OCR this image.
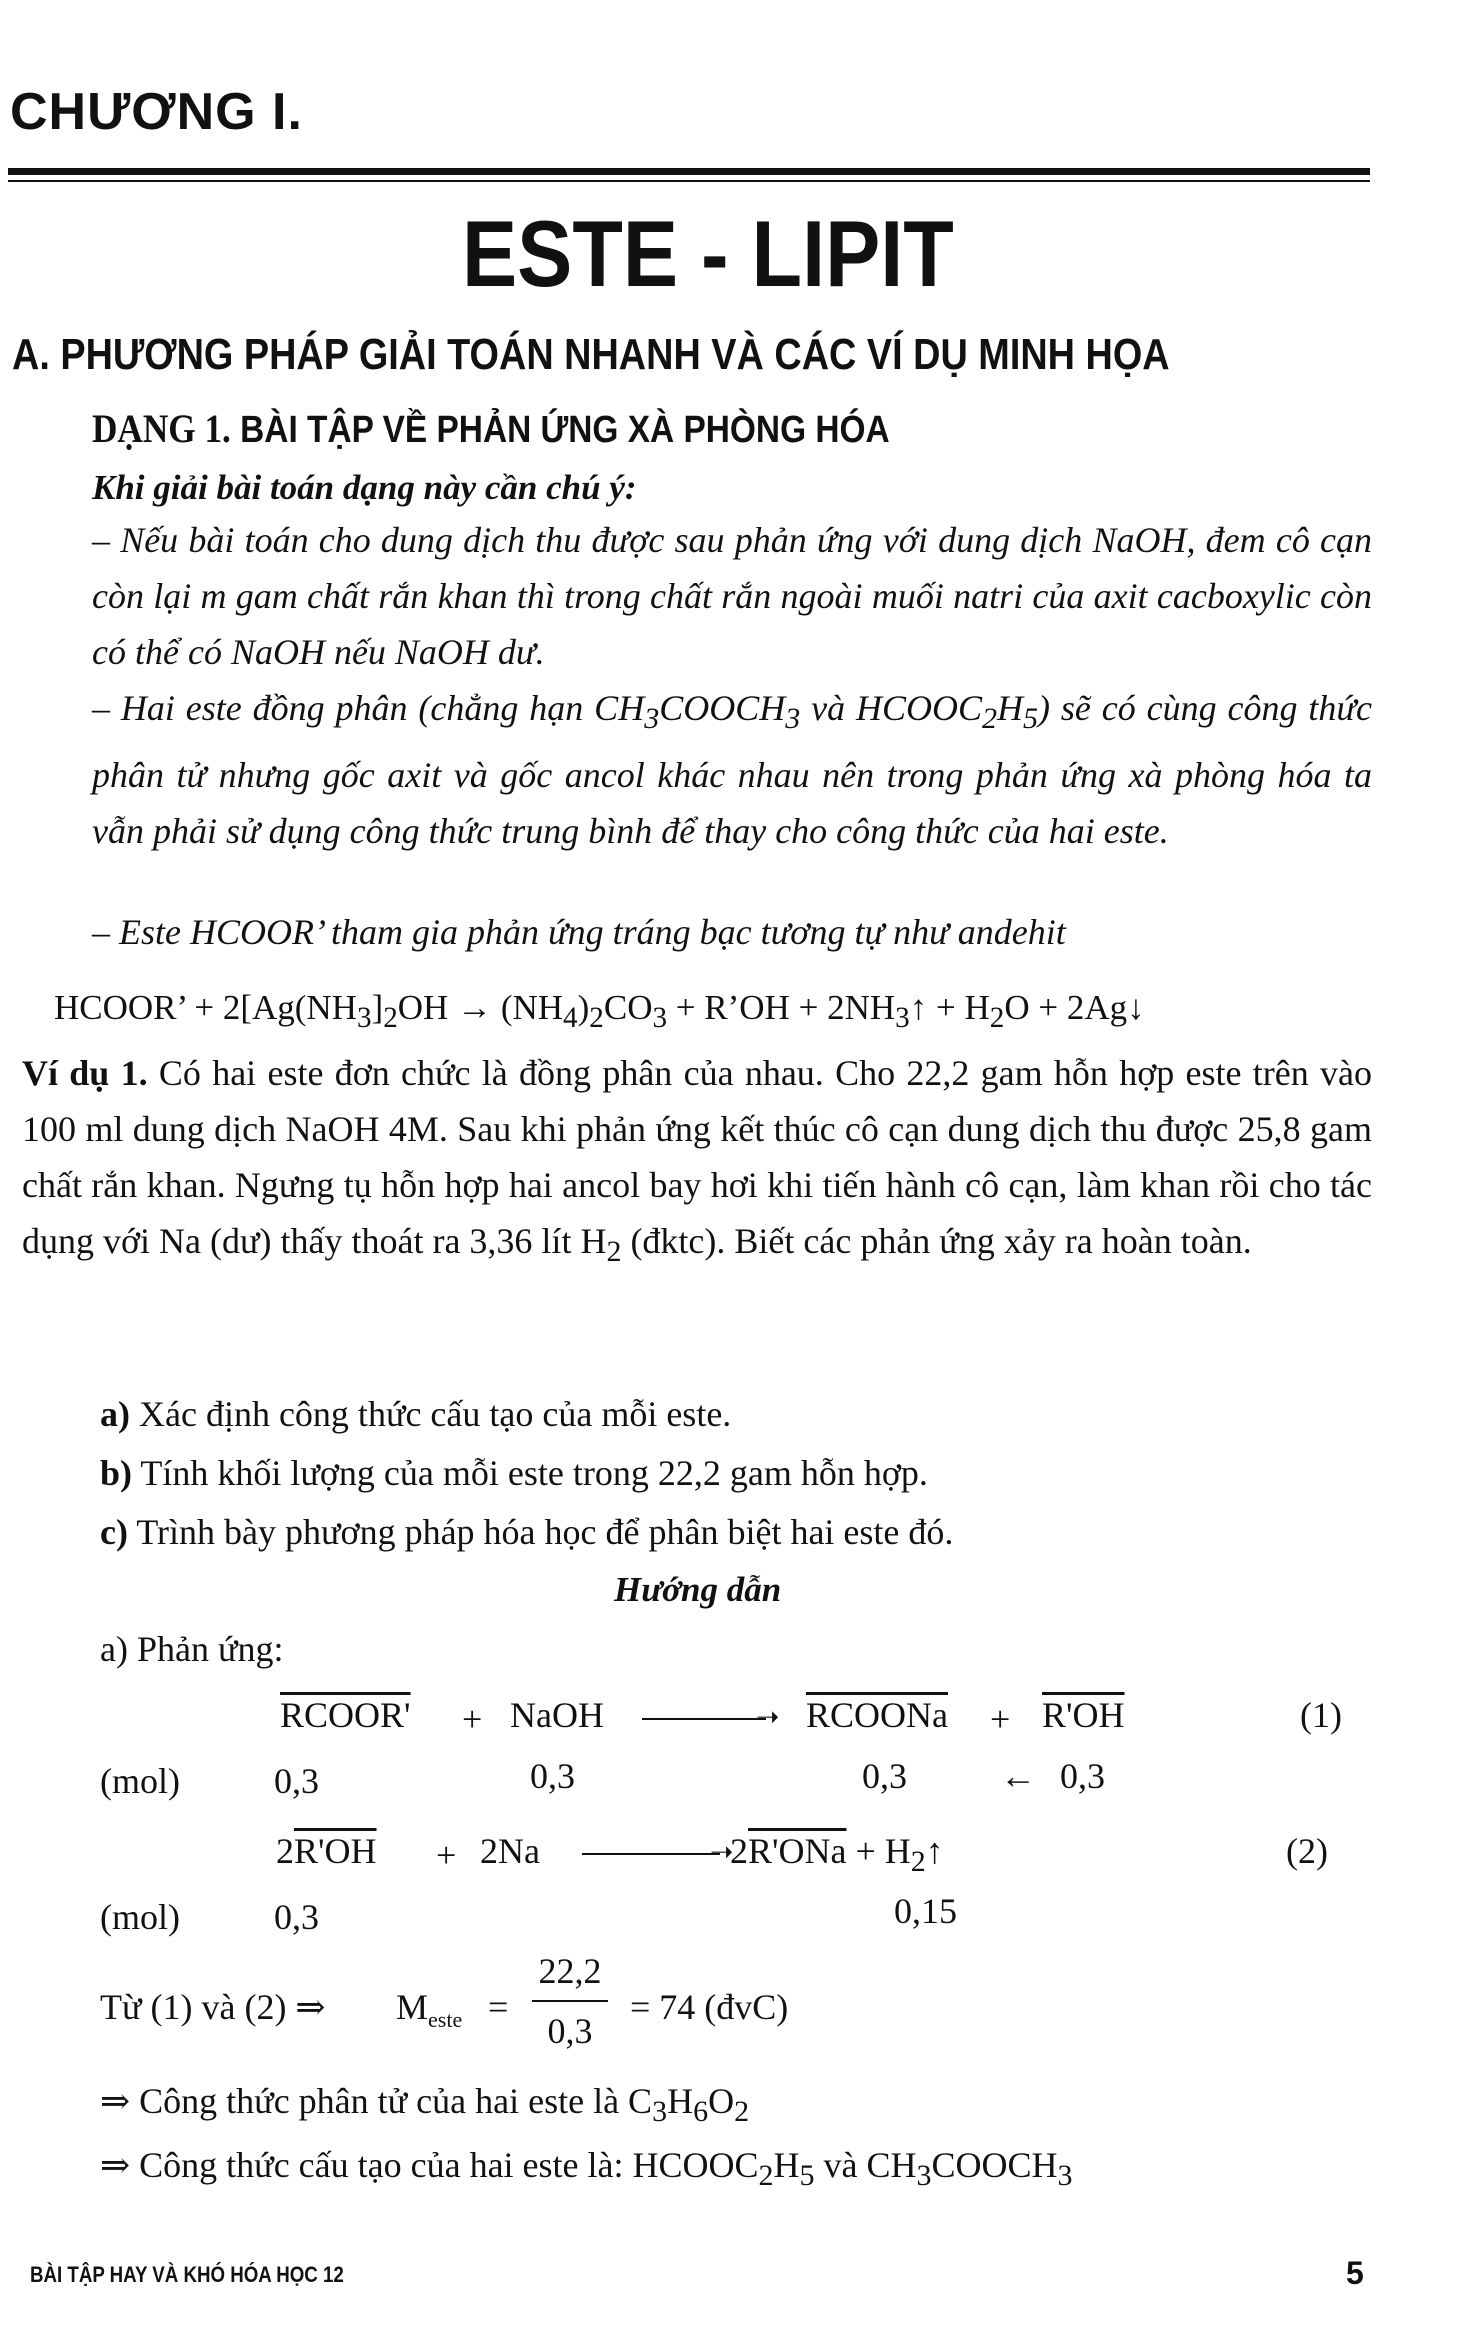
CHƯƠNG I.
ESTE - LIPIT
A. PHƯƠNG PHÁP GIẢI TOÁN NHANH VÀ CÁC VÍ DỤ MINH HỌA
DẠNG 1. BÀI TẬP VỀ PHẢN ỨNG XÀ PHÒNG HÓA
Khi giải bài toán dạng này cần chú ý:
– Nếu bài toán cho dung dịch thu được sau phản ứng với dung dịch NaOH, đem cô cạn còn lại m gam chất rắn khan thì trong chất rắn ngoài muối natri của axit cacboxylic còn có thể có NaOH nếu NaOH dư.
– Hai este đồng phân (chẳng hạn $CH_3COOCH_3$ và $HCOOC_2H_5$) sẽ có cùng công thức phân tử nhưng gốc axit và gốc ancol khác nhau nên trong phản ứng xà phòng hóa ta vẫn phải sử dụng công thức trung bình để thay cho công thức của hai este.
– Este HCOOR’ tham gia phản ứng tráng bạc tương tự như andehit
HCOOR’ + $2[Ag(NH_3]_2OH \to (NH_4)_2CO_3$ + R’OH + $2NH_3↑ + H_2O$ + 2Ag↓
Ví dụ 1. Có hai este đơn chức là đồng phân của nhau. Cho 22,2 gam hỗn hợp este trên vào 100 ml dung dịch NaOH 4M. Sau khi phản ứng kết thúc cô cạn dung dịch thu được 25,8 gam chất rắn khan. Ngưng tụ hỗn hợp hai ancol bay hơi khi tiến hành cô cạn, làm khan rồi cho tác dụng với Na (dư) thấy thoát ra 3,36 lít $H_2$ (đktc). Biết các phản ứng xảy ra hoàn toàn.
a) Xác định công thức cấu tạo của mỗi este.
b) Tính khối lượng của mỗi este trong 22,2 gam hỗn hợp.
c) Trình bày phương pháp hóa học để phân biệt hai este đó.
Hướng dẫn
a) Phản ứng:
RCOOR' + NaOH	➝ RCOONa + R'OH	(1)
(mol)	0,3	0,3	0,3	← 0,3
2R'OH + 2Na	➝
$2R'ONa + H_2↑$	(2)
(mol)	0,3	0,15
Từ (1) và (2) ⇒ $M_{este}$ =
22,2
0,3
= 74 (đvC)
⇒ Công thức phân tử của hai este là $C_3H_6O_2$
⇒ Công thức cấu tạo của hai este là: $HCOOC_2H_5$ và $CH_3COOCH_3$
BÀI TẬP HAY VÀ KHÓ HÓA HỌC 12	5
